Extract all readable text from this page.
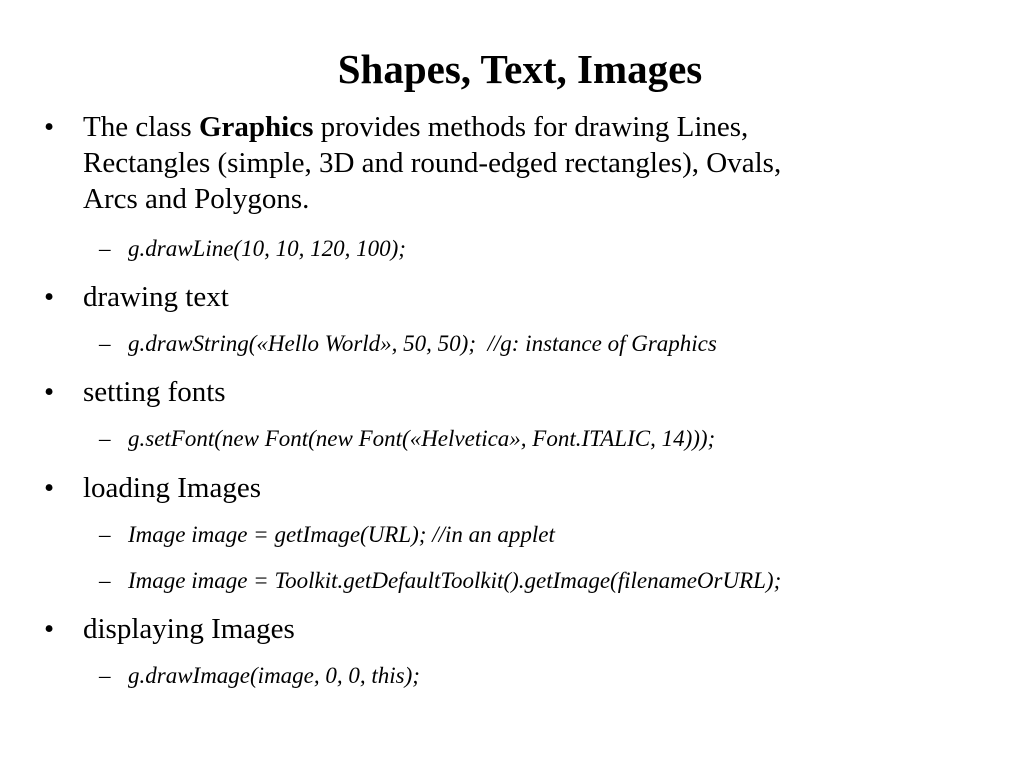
Shapes, Text, Images
• The class Graphics provides methods for drawing Lines,
Rectangles (simple, 3D and round-edged rectangles), Ovals,
Arcs and Polygons.
– g.drawLine(10, 10, 120, 100);
• drawing text
– g.drawString(«Hello World», 50, 50);  //g: instance of Graphics
• setting fonts
– g.setFont(new Font(new Font(«Helvetica», Font.ITALIC, 14)));
• loading Images
– Image image = getImage(URL); //in an applet
– Image image = Toolkit.getDefaultToolkit().getImage(filenameOrURL);
• displaying Images
– g.drawImage(image, 0, 0, this);
